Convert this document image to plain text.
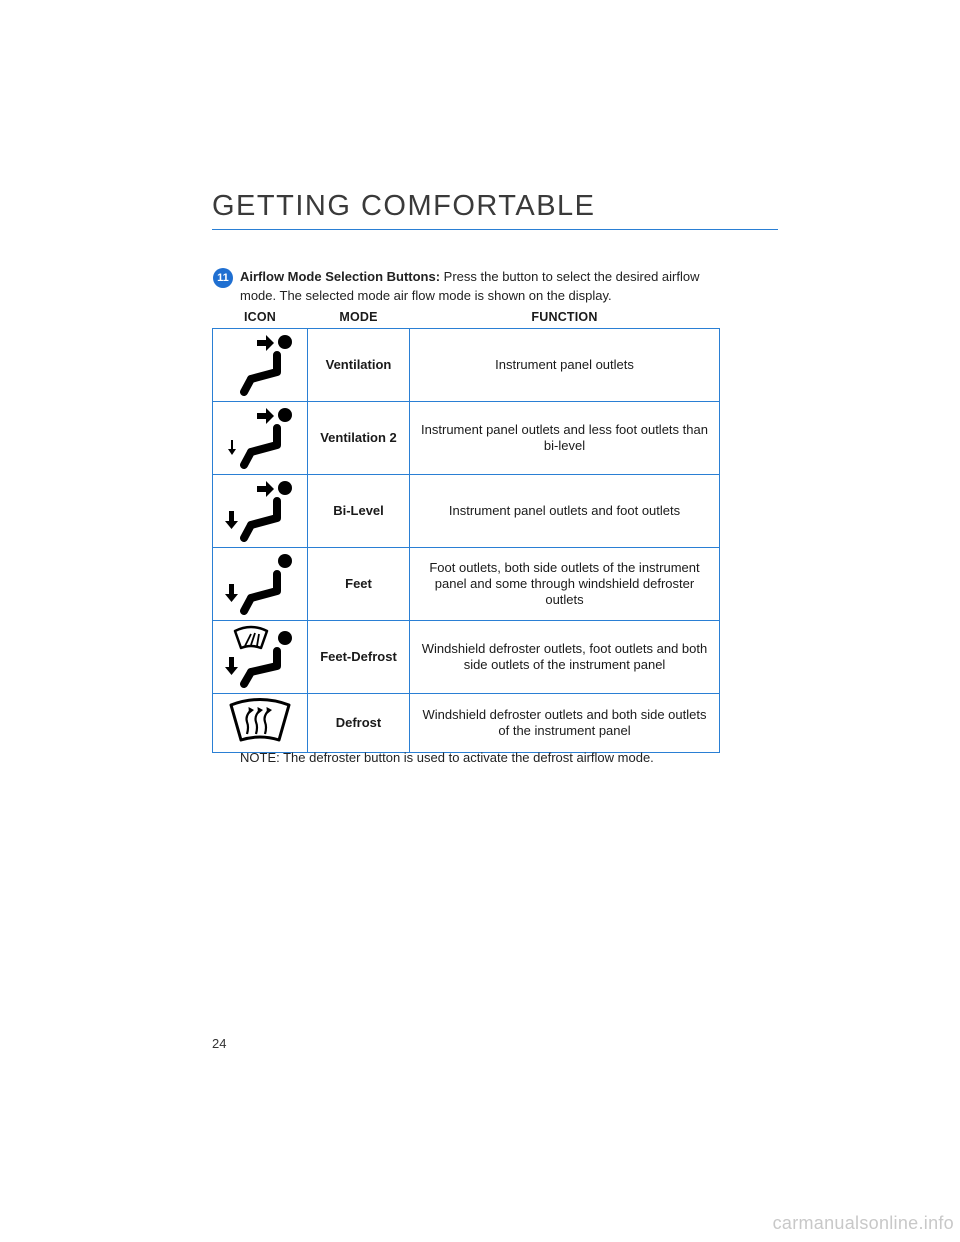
GETTING COMFORTABLE
11 Airflow Mode Selection Buttons: Press the button to select the desired airflow mode. The selected mode air flow mode is shown on the display.
ICON	MODE	FUNCTION

	Ventilation	Instrument panel outlets

	Ventilation 2	Instrument panel outlets and less foot outlets than bi-level

	Bi-Level	Instrument panel outlets and foot outlets

	Feet	Foot outlets, both side outlets of the instrument panel and some through windshield defroster outlets

	Feet-Defrost	Windshield defroster outlets, foot outlets and both side outlets of the instrument panel

	Defrost	Windshield defroster outlets and both side outlets of the instrument panel
NOTE: The defroster button is used to activate the defrost airflow mode.
24
carmanualsonline.info
